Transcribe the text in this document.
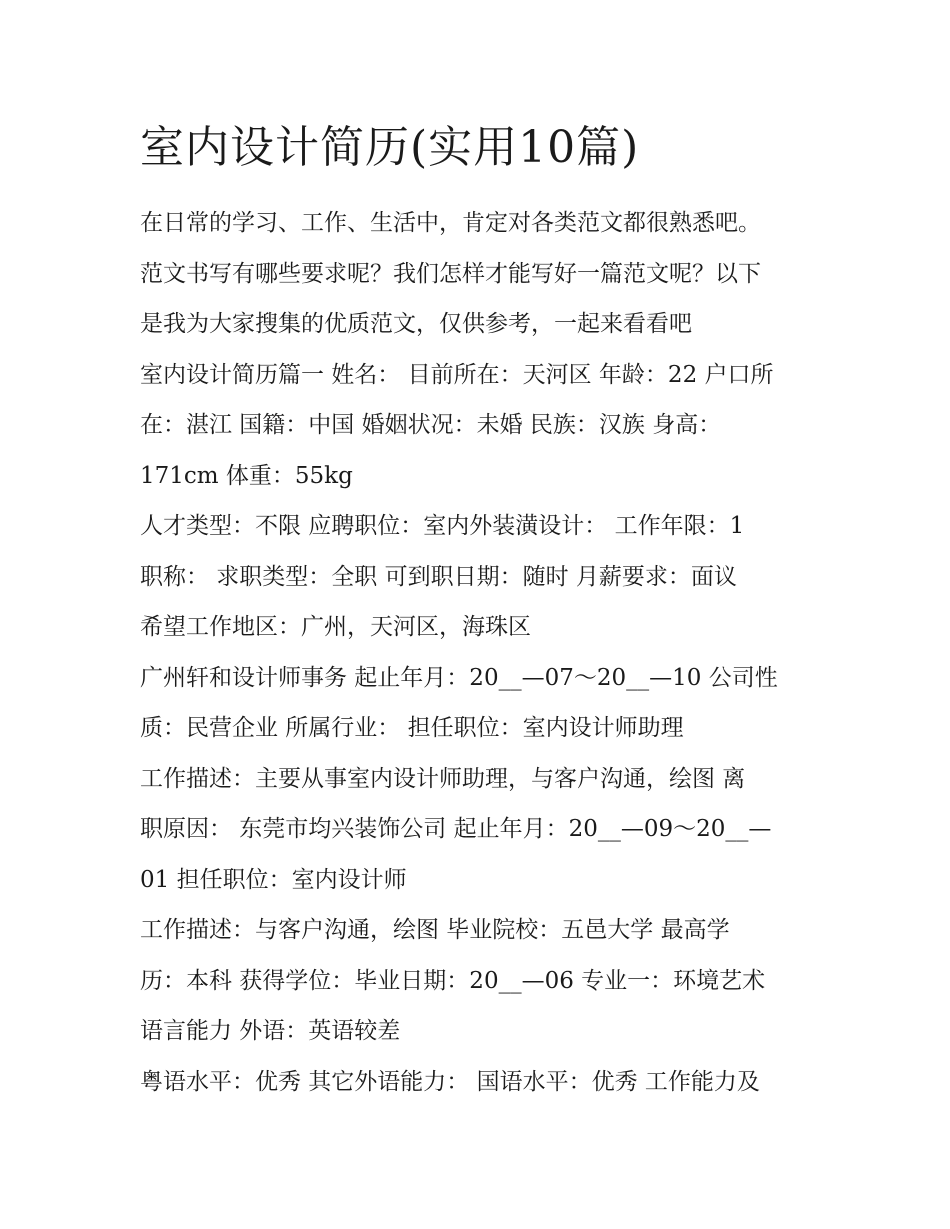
室内设计简历(实用10篇)

在日常的学习、工作、生活中，肯定对各类范文都很熟悉吧。

范文书写有哪些要求呢？我们怎样才能写好一篇范文呢？以下

是我为大家搜集的优质范文，仅供参考，一起来看看吧

室内设计简历篇一 姓名： 目前所在：天河区 年龄：22 户口所

在：湛江 国籍：中国 婚姻状况：未婚 民族：汉族 身高：

171cm 体重：55kg

人才类型：不限 应聘职位：室内外装潢设计： 工作年限：1

职称： 求职类型：全职 可到职日期：随时 月薪要求：面议

希望工作地区：广州，天河区，海珠区

广州轩和设计师事务 起止年月：20__—07～20__—10 公司性

质：民营企业 所属行业： 担任职位：室内设计师助理

工作描述：主要从事室内设计师助理，与客户沟通，绘图 离

职原因： 东莞市均兴装饰公司 起止年月：20__—09～20__—

01 担任职位：室内设计师

工作描述：与客户沟通，绘图 毕业院校：五邑大学 最高学

历：本科 获得学位：毕业日期：20__—06 专业一：环境艺术

语言能力 外语：英语较差

粤语水平：优秀 其它外语能力： 国语水平：优秀 工作能力及
